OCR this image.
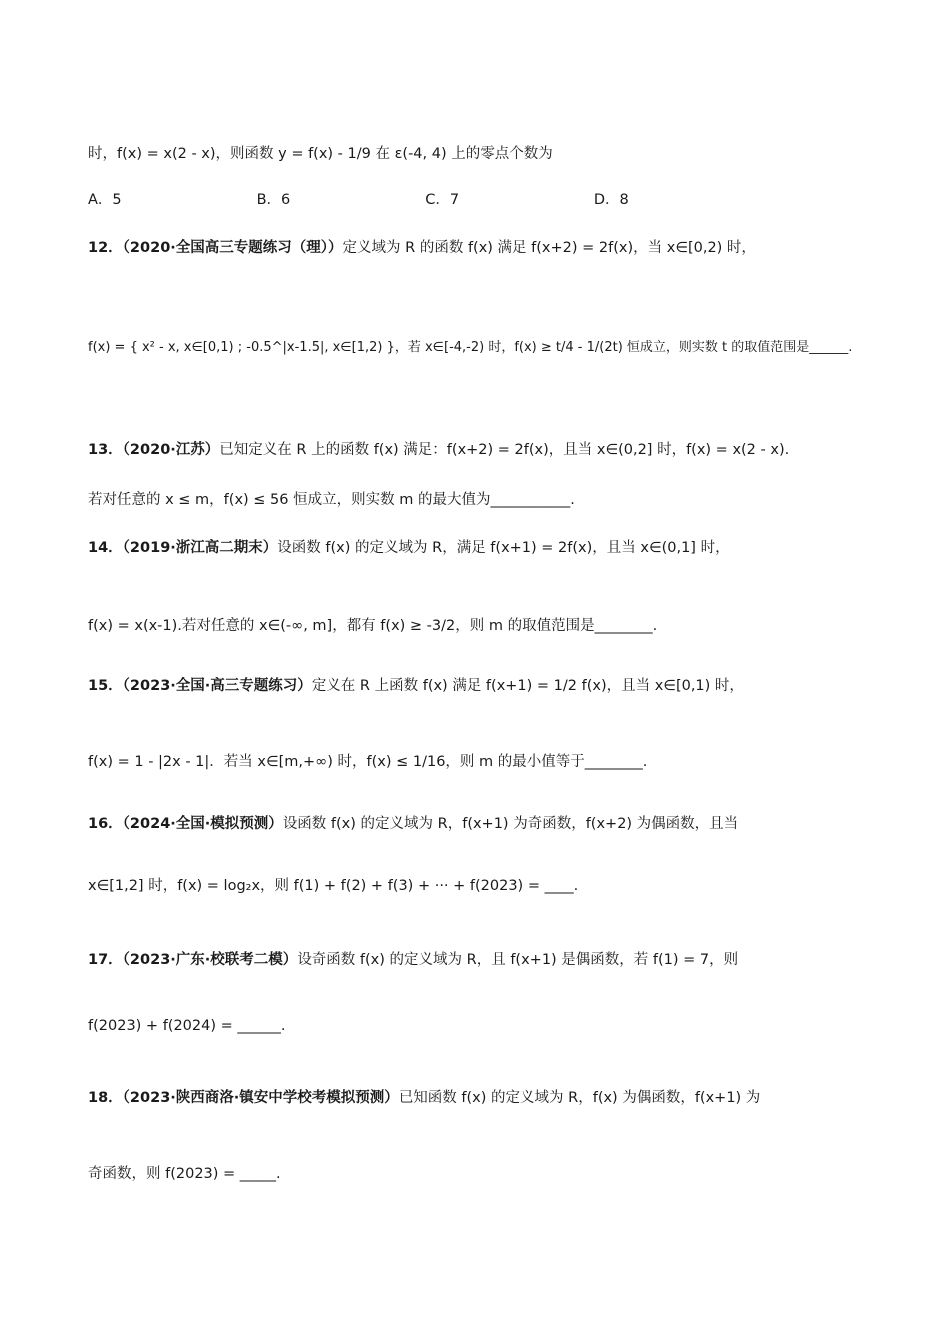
时，f(x) = x(2 - x)，则函数 y = f(x) - 1/9 在 ε(-4, 4) 上的零点个数为
A．5	B．6	C．7	D．8
12．（2020·全国高三专题练习（理））定义域为 R 的函数 f(x) 满足 f(x+2) = 2f(x)，当 x∈[0,2) 时，
f(x) = { x² - x, x∈[0,1) ; -0.5^|x-1.5|, x∈[1,2) }，若 x∈[-4,-2) 时，f(x) ≥ t/4 - 1/(2t) 恒成立，则实数 t 的取值范围是______.
13．（2020·江苏）已知定义在 R 上的函数 f(x) 满足：f(x+2) = 2f(x)，且当 x∈(0,2] 时，f(x) = x(2 - x).
若对任意的 x ≤ m，f(x) ≤ 56 恒成立，则实数 m 的最大值为___________.
14．（2019·浙江高二期末）设函数 f(x) 的定义域为 R，满足 f(x+1) = 2f(x)，且当 x∈(0,1] 时，
f(x) = x(x-1).若对任意的 x∈(-∞, m]，都有 f(x) ≥ -3/2，则 m 的取值范围是________.
15．（2023·全国·高三专题练习）定义在 R 上函数 f(x) 满足 f(x+1) = 1/2 f(x)，且当 x∈[0,1) 时，
f(x) = 1 - |2x - 1|．若当 x∈[m,+∞) 时，f(x) ≤ 1/16，则 m 的最小值等于________.
16．（2024·全国·模拟预测）设函数 f(x) 的定义域为 R，f(x+1) 为奇函数，f(x+2) 为偶函数，且当
x∈[1,2] 时，f(x) = log₂x，则 f(1) + f(2) + f(3) + ··· + f(2023) = ____.
17．（2023·广东·校联考二模）设奇函数 f(x) 的定义域为 R，且 f(x+1) 是偶函数，若 f(1) = 7，则
f(2023) + f(2024) = ______.
18．（2023·陕西商洛·镇安中学校考模拟预测）已知函数 f(x) 的定义域为 R，f(x) 为偶函数，f(x+1) 为
奇函数，则 f(2023) = _____.
